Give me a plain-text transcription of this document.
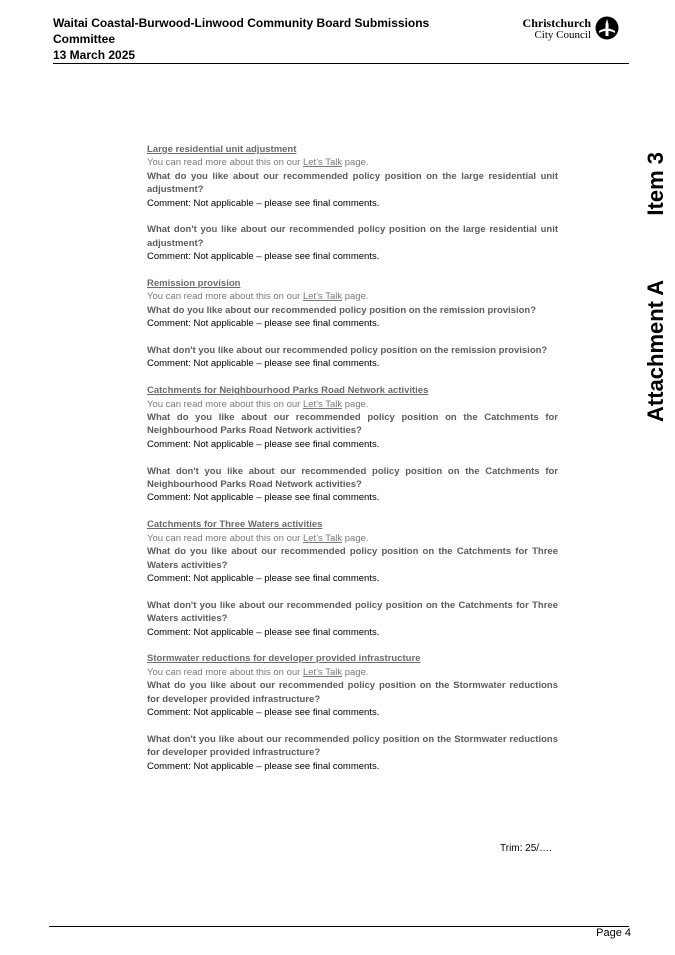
Waitai Coastal-Burwood-Linwood Community Board Submissions Committee
13 March 2025
Christchurch
City Council
Attachment A
Item 3
Large residential unit adjustment
You can read more about this on our Let's Talk page.
What do you like about our recommended policy position on the large residential unit adjustment?
Comment: Not applicable – please see final comments.
What don't you like about our recommended policy position on the large residential unit adjustment?
Comment: Not applicable – please see final comments.
Remission provision
You can read more about this on our Let's Talk page.
What do you like about our recommended policy position on the remission provision?
Comment: Not applicable – please see final comments.
What don't you like about our recommended policy position on the remission provision?
Comment: Not applicable – please see final comments.
Catchments for Neighbourhood Parks Road Network activities
You can read more about this on our Let's Talk page.
What do you like about our recommended policy position on the Catchments for Neighbourhood Parks Road Network activities?
Comment: Not applicable – please see final comments.
What don't you like about our recommended policy position on the Catchments for Neighbourhood Parks Road Network activities?
Comment: Not applicable – please see final comments.
Catchments for Three Waters activities
You can read more about this on our Let's Talk page.
What do you like about our recommended policy position on the Catchments for Three Waters activities?
Comment: Not applicable – please see final comments.
What don't you like about our recommended policy position on the Catchments for Three Waters activities?
Comment: Not applicable – please see final comments.
Stormwater reductions for developer provided infrastructure
You can read more about this on our Let's Talk page.
What do you like about our recommended policy position on the Stormwater reductions for developer provided infrastructure?
Comment: Not applicable – please see final comments.
What don't you like about our recommended policy position on the Stormwater reductions for developer provided infrastructure?
Comment: Not applicable – please see final comments.
Trim: 25/….
Page 4
